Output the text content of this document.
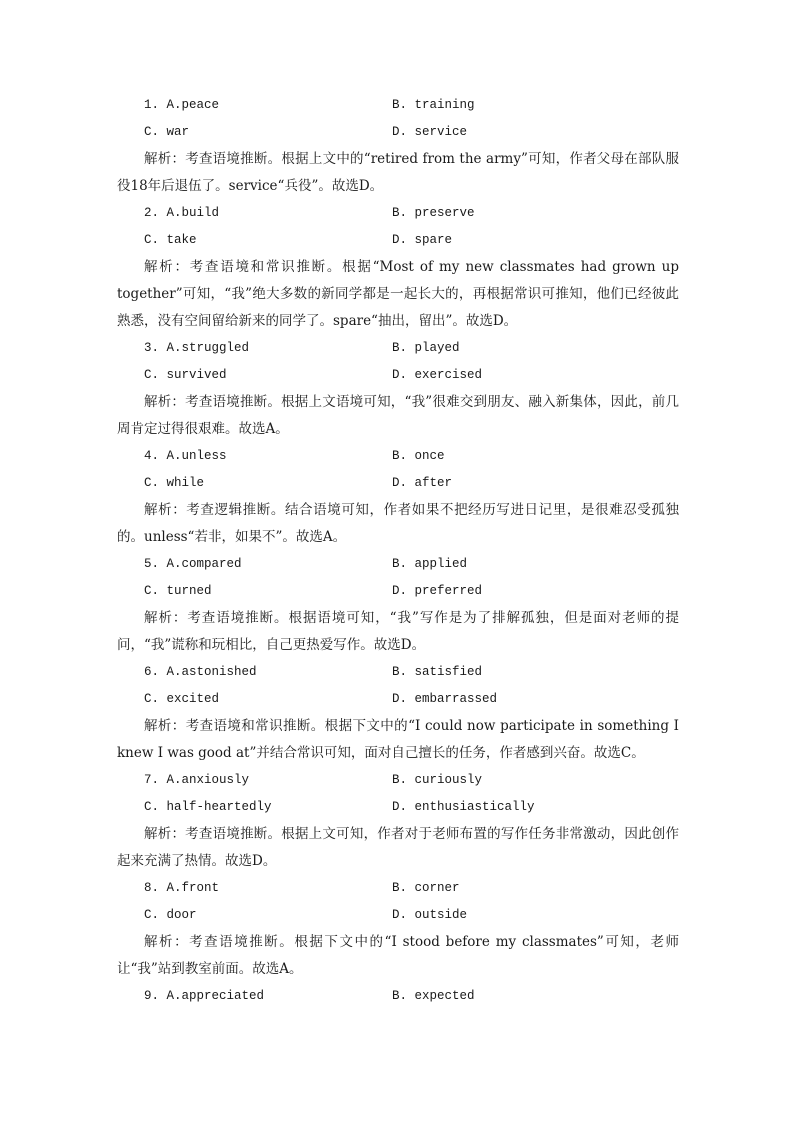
1. A.peace	B. training
C. war	D. service

解析：考查语境推断。根据上文中的“retired from the army”可知，作者父母在部队服役18年后退伍了。service“兵役”。故选D。

2. A.build	B. preserve
C. take	D. spare

解析：考查语境和常识推断。根据“Most of my new classmates had grown up together”可知，“我”绝大多数的新同学都是一起长大的，再根据常识可推知，他们已经彼此熟悉，没有空间留给新来的同学了。spare“抽出，留出”。故选D。

3. A.struggled	B. played
C. survived	D. exercised

解析：考查语境推断。根据上文语境可知，“我”很难交到朋友、融入新集体，因此，前几周肯定过得很艰难。故选A。

4. A.unless	B. once
C. while	D. after

解析：考查逻辑推断。结合语境可知，作者如果不把经历写进日记里，是很难忍受孤独的。unless“若非，如果不”。故选A。

5. A.compared	B. applied
C. turned	D. preferred

解析：考查语境推断。根据语境可知，“我”写作是为了排解孤独，但是面对老师的提问，“我”谎称和玩相比，自己更热爱写作。故选D。

6. A.astonished	B. satisfied
C. excited	D. embarrassed

解析：考查语境和常识推断。根据下文中的“I could now participate in something I knew I was good at”并结合常识可知，面对自己擅长的任务，作者感到兴奋。故选C。

7. A.anxiously	B. curiously
C. half-heartedly	D. enthusiastically

解析：考查语境推断。根据上文可知，作者对于老师布置的写作任务非常激动，因此创作起来充满了热情。故选D。

8. A.front	B. corner
C. door	D. outside

解析：考查语境推断。根据下文中的“I stood before my classmates”可知，老师让“我”站到教室前面。故选A。

9. A.appreciated	B. expected
